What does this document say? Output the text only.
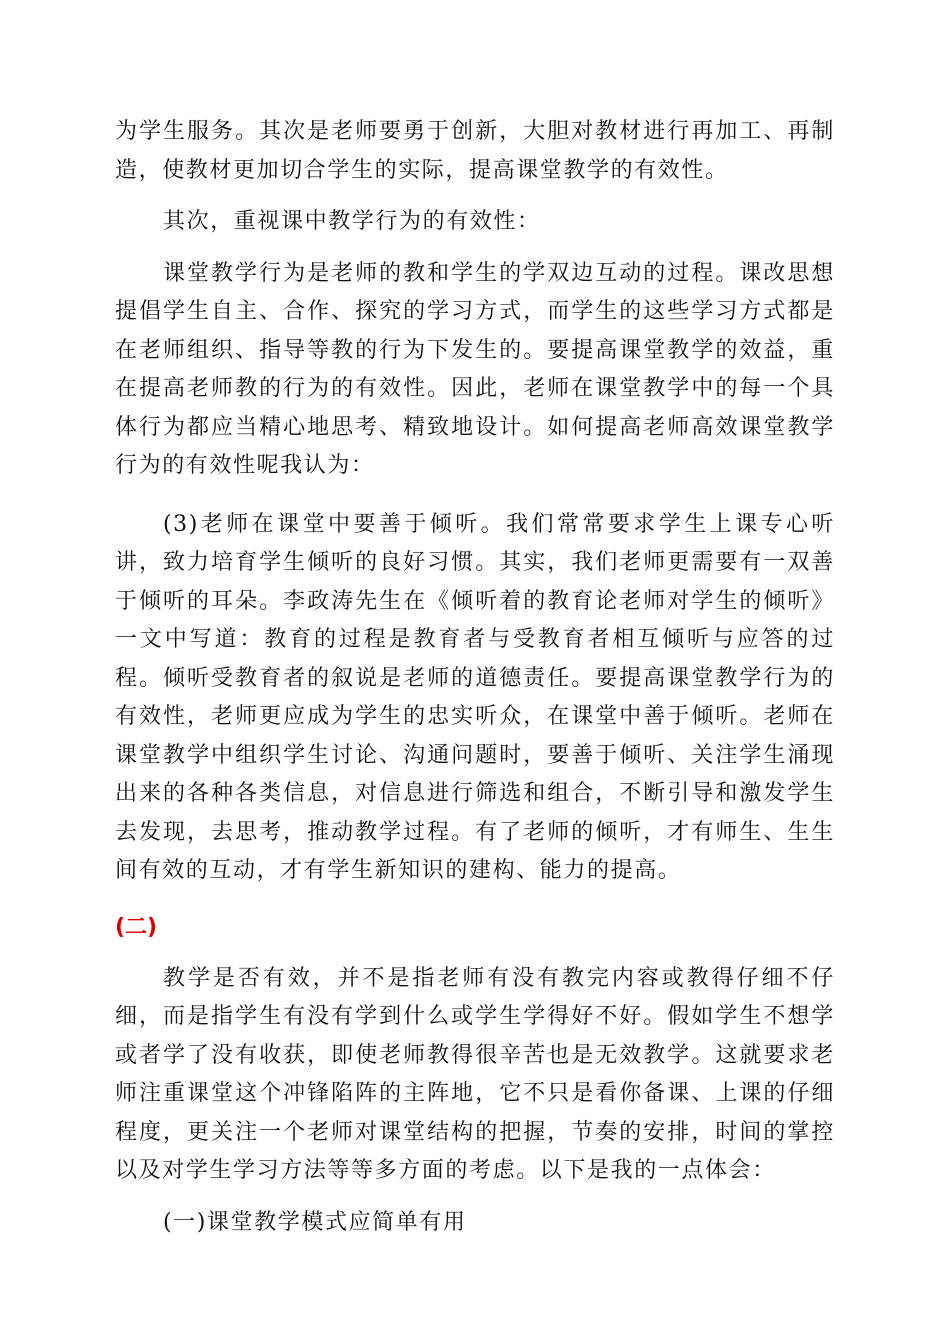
为学生服务。其次是老师要勇于创新，大胆对教材进行再加工、再制造，使教材更加切合学生的实际，提高课堂教学的有效性。

其次，重视课中教学行为的有效性：

课堂教学行为是老师的教和学生的学双边互动的过程。课改思想提倡学生自主、合作、探究的学习方式，而学生的这些学习方式都是在老师组织、指导等教的行为下发生的。要提高课堂教学的效益，重在提高老师教的行为的有效性。因此，老师在课堂教学中的每一个具体行为都应当精心地思考、精致地设计。如何提高老师高效课堂教学行为的有效性呢我认为：

(3)老师在课堂中要善于倾听。我们常常要求学生上课专心听讲，致力培育学生倾听的良好习惯。其实，我们老师更需要有一双善于倾听的耳朵。李政涛先生在《倾听着的教育论老师对学生的倾听》一文中写道：教育的过程是教育者与受教育者相互倾听与应答的过程。倾听受教育者的叙说是老师的道德责任。要提高课堂教学行为的有效性，老师更应成为学生的忠实听众，在课堂中善于倾听。老师在课堂教学中组织学生讨论、沟通问题时，要善于倾听、关注学生涌现出来的各种各类信息，对信息进行筛选和组合，不断引导和激发学生去发现，去思考，推动教学过程。有了老师的倾听，才有师生、生生间有效的互动，才有学生新知识的建构、能力的提高。

(二)

教学是否有效，并不是指老师有没有教完内容或教得仔细不仔细，而是指学生有没有学到什么或学生学得好不好。假如学生不想学或者学了没有收获，即使老师教得很辛苦也是无效教学。这就要求老师注重课堂这个冲锋陷阵的主阵地，它不只是看你备课、上课的仔细程度，更关注一个老师对课堂结构的把握，节奏的安排，时间的掌控以及对学生学习方法等等多方面的考虑。以下是我的一点体会：

(一)课堂教学模式应简单有用
